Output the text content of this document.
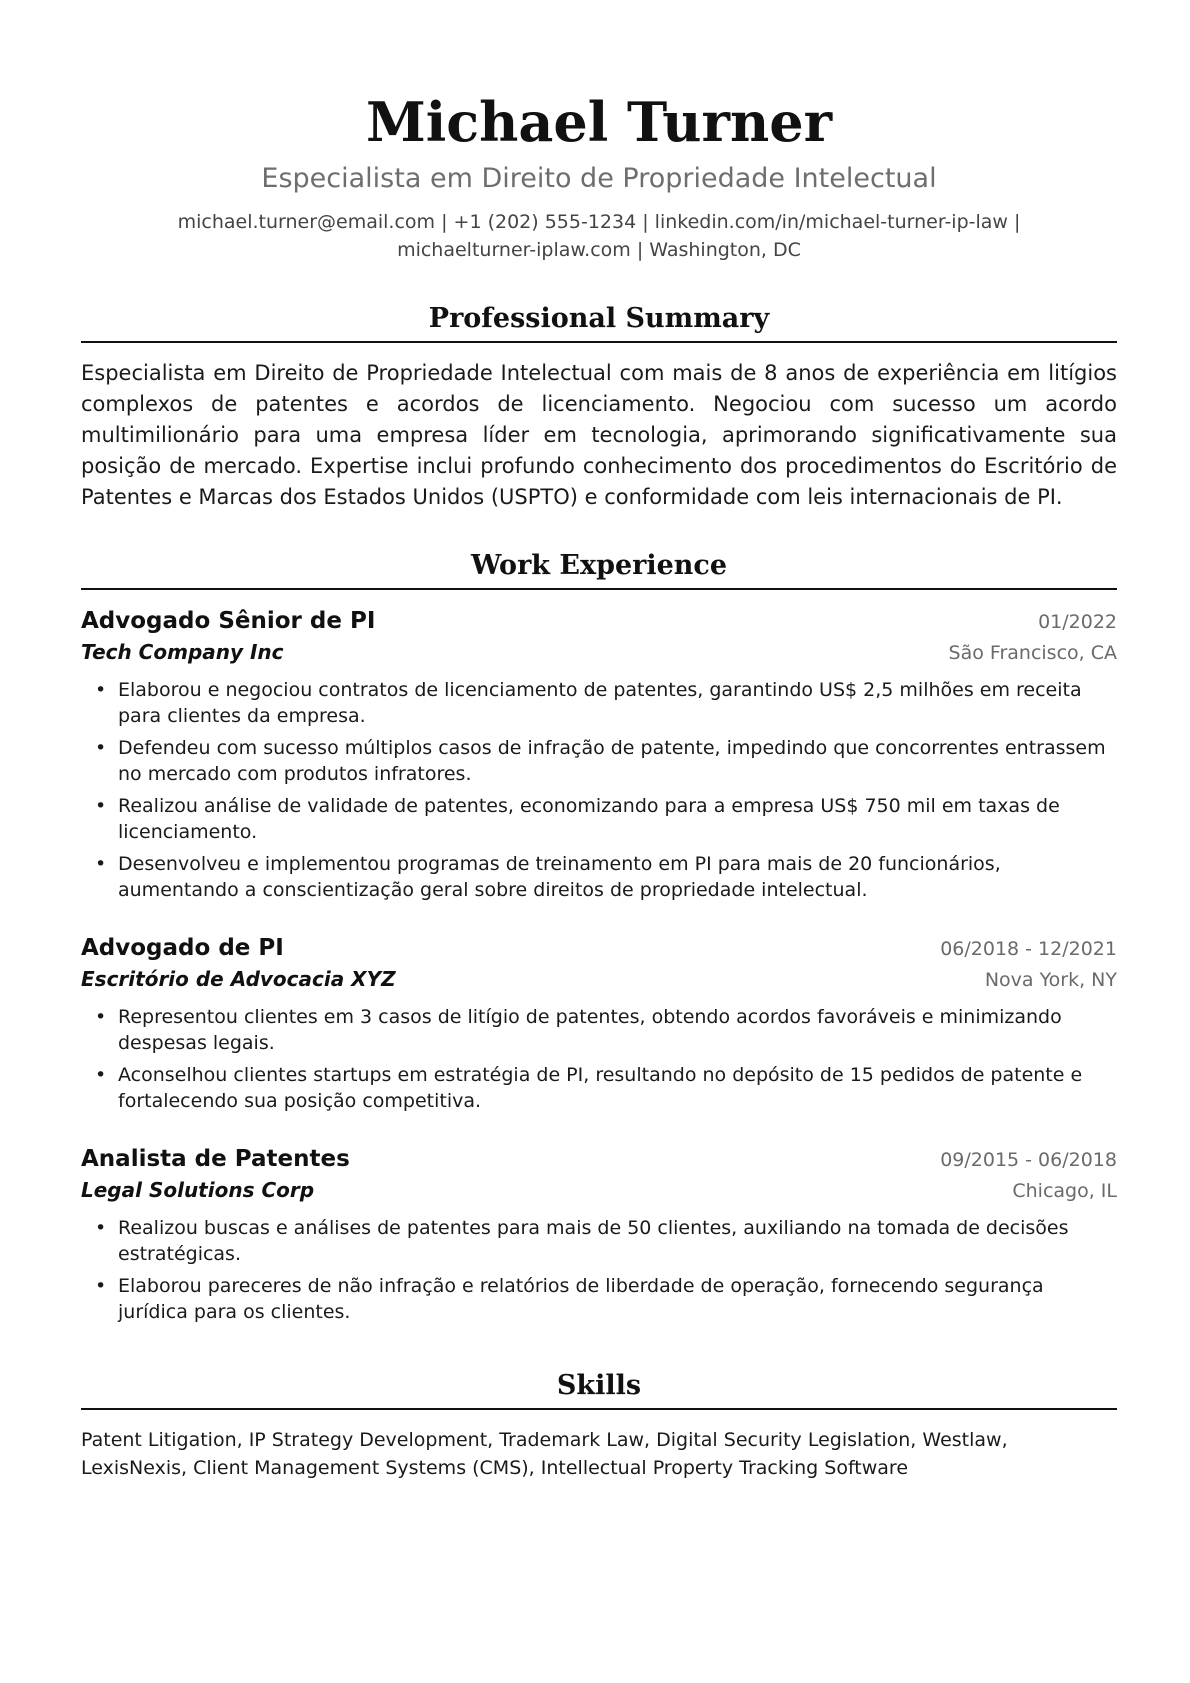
Michael Turner
Especialista em Direito de Propriedade Intelectual
michael.turner@email.com | +1 (202) 555-1234 | linkedin.com/in/michael-turner-ip-law |
michaelturner-iplaw.com | Washington, DC
Professional Summary
Especialista em Direito de Propriedade Intelectual com mais de 8 anos de experiência em litígios complexos de patentes e acordos de licenciamento. Negociou com sucesso um acordo multimilionário para uma empresa líder em tecnologia, aprimorando significativamente sua posição de mercado. Expertise inclui profundo conhecimento dos procedimentos do Escritório de Patentes e Marcas dos Estados Unidos (USPTO) e conformidade com leis internacionais de PI.
Work Experience
Advogado Sênior de PI	01/2022
Tech Company Inc	São Francisco, CA
• Elaborou e negociou contratos de licenciamento de patentes, garantindo US$ 2,5 milhões em receita para clientes da empresa.
• Defendeu com sucesso múltiplos casos de infração de patente, impedindo que concorrentes entrassem no mercado com produtos infratores.
• Realizou análise de validade de patentes, economizando para a empresa US$ 750 mil em taxas de licenciamento.
• Desenvolveu e implementou programas de treinamento em PI para mais de 20 funcionários, aumentando a conscientização geral sobre direitos de propriedade intelectual.
Advogado de PI	06/2018 - 12/2021
Escritório de Advocacia XYZ	Nova York, NY
• Representou clientes em 3 casos de litígio de patentes, obtendo acordos favoráveis e minimizando despesas legais.
• Aconselhou clientes startups em estratégia de PI, resultando no depósito de 15 pedidos de patente e fortalecendo sua posição competitiva.
Analista de Patentes	09/2015 - 06/2018
Legal Solutions Corp	Chicago, IL
• Realizou buscas e análises de patentes para mais de 50 clientes, auxiliando na tomada de decisões estratégicas.
• Elaborou pareceres de não infração e relatórios de liberdade de operação, fornecendo segurança jurídica para os clientes.
Skills
Patent Litigation, IP Strategy Development, Trademark Law, Digital Security Legislation, Westlaw, LexisNexis, Client Management Systems (CMS), Intellectual Property Tracking Software
